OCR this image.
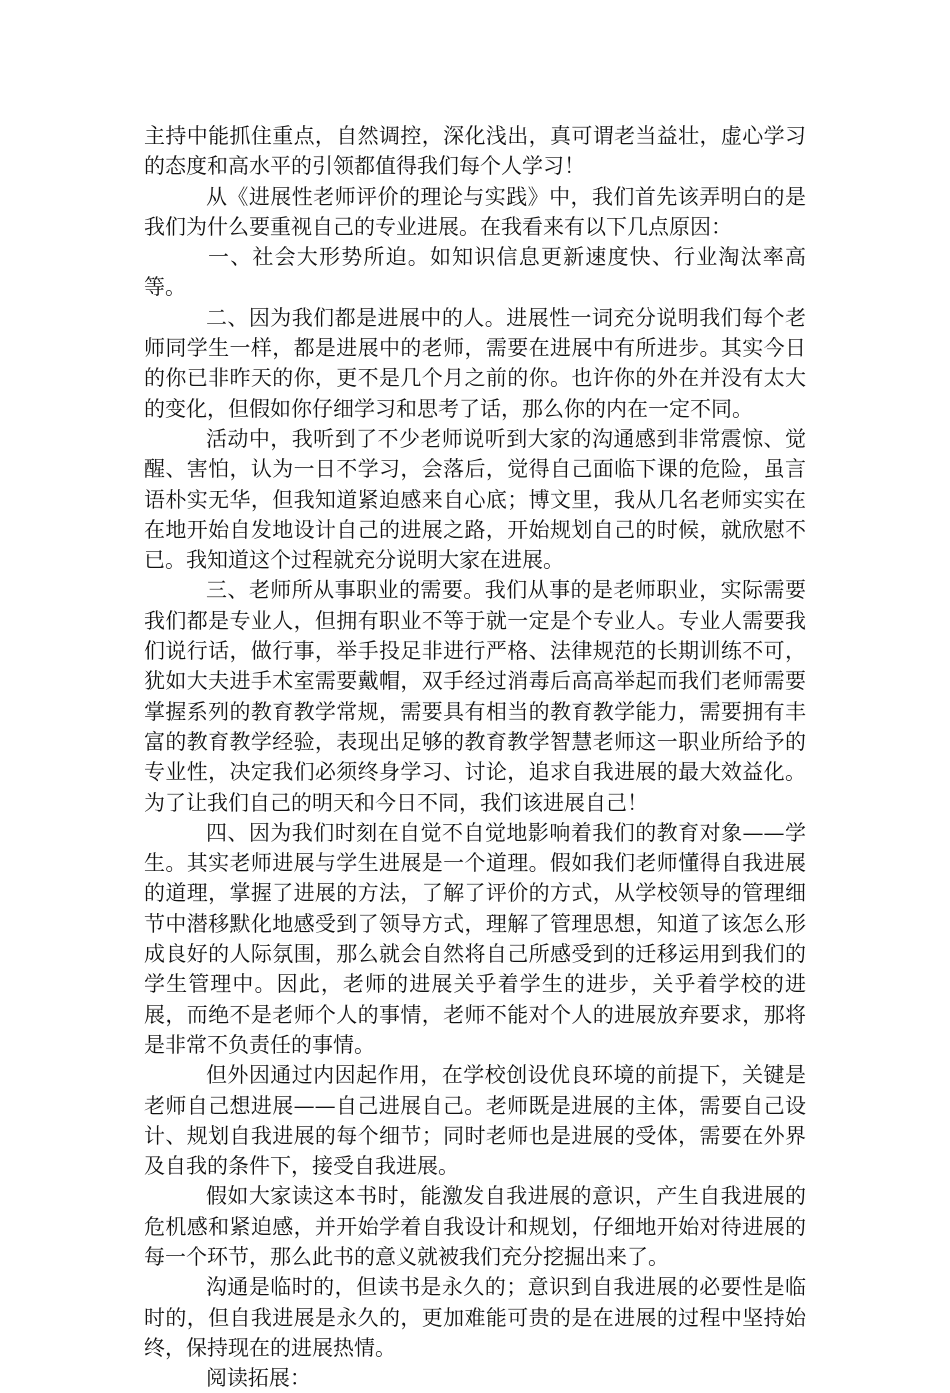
主持中能抓住重点，自然调控，深化浅出，真可谓老当益壮，虚心学习的态度和高水平的引领都值得我们每个人学习！

从《进展性老师评价的理论与实践》中，我们首先该弄明白的是我们为什么要重视自己的专业进展。在我看来有以下几点原因：

一、社会大形势所迫。如知识信息更新速度快、行业淘汰率高等。

二、因为我们都是进展中的人。进展性一词充分说明我们每个老师同学生一样，都是进展中的老师，需要在进展中有所进步。其实今日的你已非昨天的你，更不是几个月之前的你。也许你的外在并没有太大的变化，但假如你仔细学习和思考了话，那么你的内在一定不同。

活动中，我听到了不少老师说听到大家的沟通感到非常震惊、觉醒、害怕，认为一日不学习，会落后，觉得自己面临下课的危险，虽言语朴实无华，但我知道紧迫感来自心底；博文里，我从几名老师实实在在地开始自发地设计自己的进展之路，开始规划自己的时候，就欣慰不已。我知道这个过程就充分说明大家在进展。

三、老师所从事职业的需要。我们从事的是老师职业，实际需要我们都是专业人，但拥有职业不等于就一定是个专业人。专业人需要我们说行话，做行事，举手投足非进行严格、法律规范的长期训练不可，犹如大夫进手术室需要戴帽，双手经过消毒后高高举起而我们老师需要掌握系列的教育教学常规，需要具有相当的教育教学能力，需要拥有丰富的教育教学经验，表现出足够的教育教学智慧老师这一职业所给予的专业性，决定我们必须终身学习、讨论，追求自我进展的最大效益化。为了让我们自己的明天和今日不同，我们该进展自己！

四、因为我们时刻在自觉不自觉地影响着我们的教育对象——学生。其实老师进展与学生进展是一个道理。假如我们老师懂得自我进展的道理，掌握了进展的方法，了解了评价的方式，从学校领导的管理细节中潜移默化地感受到了领导方式，理解了管理思想，知道了该怎么形成良好的人际氛围，那么就会自然将自己所感受到的迁移运用到我们的学生管理中。因此，老师的进展关乎着学生的进步，关乎着学校的进展，而绝不是老师个人的事情，老师不能对个人的进展放弃要求，那将是非常不负责任的事情。

但外因通过内因起作用，在学校创设优良环境的前提下，关键是老师自己想进展——自己进展自己。老师既是进展的主体，需要自己设计、规划自我进展的每个细节；同时老师也是进展的受体，需要在外界及自我的条件下，接受自我进展。

假如大家读这本书时，能激发自我进展的意识，产生自我进展的危机感和紧迫感，并开始学着自我设计和规划，仔细地开始对待进展的每一个环节，那么此书的意义就被我们充分挖掘出来了。

沟通是临时的，但读书是永久的；意识到自我进展的必要性是临时的，但自我进展是永久的，更加难能可贵的是在进展的过程中坚持始终，保持现在的进展热情。

阅读拓展：
